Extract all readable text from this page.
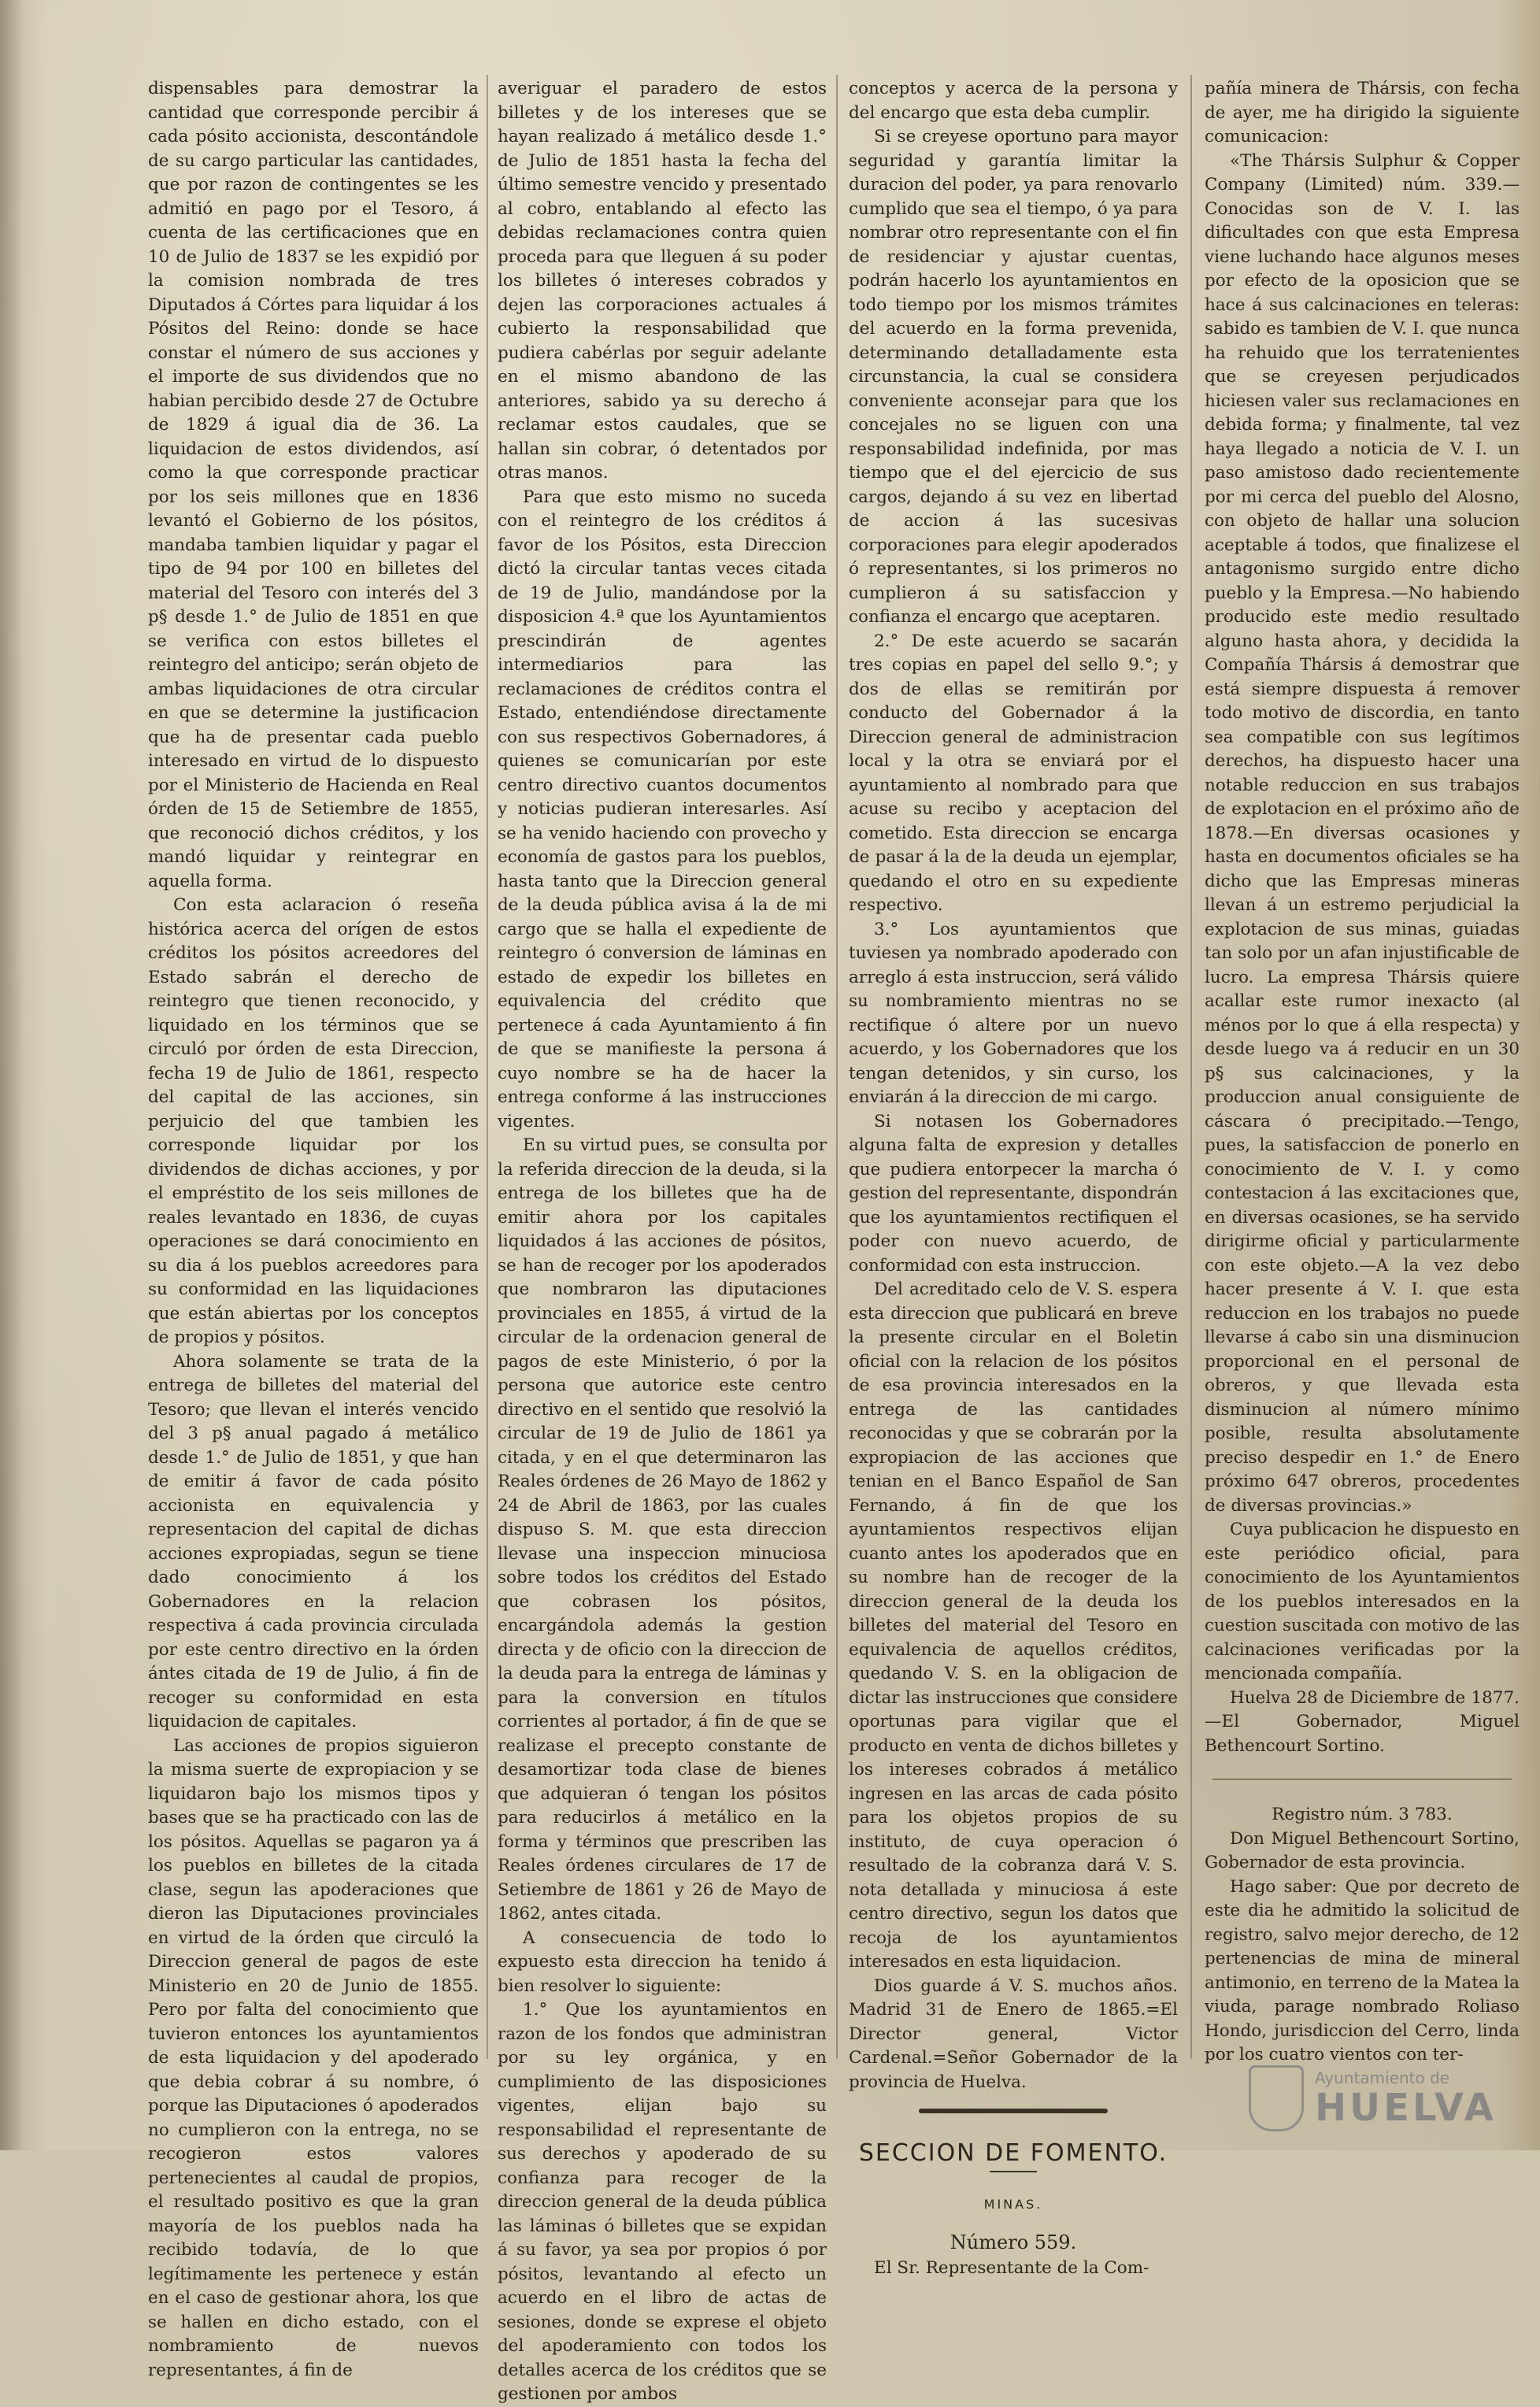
dispensables para demostrar la cantidad que corresponde percibir á cada pósito accionista, descontándole de su cargo particular las cantidades, que por razon de contingentes se les admitió en pago por el Tesoro, á cuenta de las certificaciones que en 10 de Julio de 1837 se les expidió por la comision nombrada de tres Diputados á Córtes para liquidar á los Pósitos del Reino: donde se hace constar el número de sus acciones y el importe de sus dividendos que no habian percibido desde 27 de Octubre de 1829 á igual dia de 36. La liquidacion de estos dividendos, así como la que corresponde practicar por los seis millones que en 1836 levantó el Gobierno de los pósitos, mandaba tambien liquidar y pagar el tipo de 94 por 100 en billetes del material del Tesoro con interés del 3 p§ desde 1.° de Julio de 1851 en que se verifica con estos billetes el reintegro del anticipo; serán objeto de ambas liquidaciones de otra circular en que se determine la justificacion que ha de presentar cada pueblo interesado en virtud de lo dispuesto por el Ministerio de Hacienda en Real órden de 15 de Setiembre de 1855, que reconoció dichos créditos, y los mandó liquidar y reintegrar en aquella forma.

Con esta aclaracion ó reseña histórica acerca del orígen de estos créditos los pósitos acreedores del Estado sabrán el derecho de reintegro que tienen reconocido, y liquidado en los términos que se circuló por órden de esta Direccion, fecha 19 de Julio de 1861, respecto del capital de las acciones, sin perjuicio del que tambien les corresponde liquidar por los dividendos de dichas acciones, y por el empréstito de los seis millones de reales levantado en 1836, de cuyas operaciones se dará conocimiento en su dia á los pueblos acreedores para su conformidad en las liquidaciones que están abiertas por los conceptos de propios y pósitos.

Ahora solamente se trata de la entrega de billetes del material del Tesoro; que llevan el interés vencido del 3 p§ anual pagado á metálico desde 1.° de Julio de 1851, y que han de emitir á favor de cada pósito accionista en equivalencia y representacion del capital de dichas acciones expropiadas, segun se tiene dado conocimiento á los Gobernadores en la relacion respectiva á cada provincia circulada por este centro directivo en la órden ántes citada de 19 de Julio, á fin de recoger su conformidad en esta liquidacion de capitales.

Las acciones de propios siguieron la misma suerte de expropiacion y se liquidaron bajo los mismos tipos y bases que se ha practicado con las de los pósitos. Aquellas se pagaron ya á los pueblos en billetes de la citada clase, segun las apoderaciones que dieron las Diputaciones provinciales en virtud de la órden que circuló la Direccion general de pagos de este Ministerio en 20 de Junio de 1855. Pero por falta del conocimiento que tuvieron entonces los ayuntamientos de esta liquidacion y del apoderado que debia cobrar á su nombre, ó porque las Diputaciones ó apoderados no cumplieron con la entrega, no se recogieron estos valores pertenecientes al caudal de propios, el resultado positivo es que la gran mayoría de los pueblos nada ha recibido todavía, de lo que legítimamente les pertenece y están en el caso de gestionar ahora, los que se hallen en dicho estado, con el nombramiento de nuevos representantes, á fin de

averiguar el paradero de estos billetes y de los intereses que se hayan realizado á metálico desde 1.° de Julio de 1851 hasta la fecha del último semestre vencido y presentado al cobro, entablando al efecto las debidas reclamaciones contra quien proceda para que lleguen á su poder los billetes ó intereses cobrados y dejen las corporaciones actuales á cubierto la responsabilidad que pudiera cabérlas por seguir adelante en el mismo abandono de las anteriores, sabido ya su derecho á reclamar estos caudales, que se hallan sin cobrar, ó detentados por otras manos.

Para que esto mismo no suceda con el reintegro de los créditos á favor de los Pósitos, esta Direccion dictó la circular tantas veces citada de 19 de Julio, mandándose por la disposicion 4.ª que los Ayuntamientos prescindirán de agentes intermediarios para las reclamaciones de créditos contra el Estado, entendiéndose directamente con sus respectivos Gobernadores, á quienes se comunicarían por este centro directivo cuantos documentos y noticias pudieran interesarles. Así se ha venido haciendo con provecho y economía de gastos para los pueblos, hasta tanto que la Direccion general de la deuda pública avisa á la de mi cargo que se halla el expediente de reintegro ó conversion de láminas en estado de expedir los billetes en equivalencia del crédito que pertenece á cada Ayuntamiento á fin de que se manifieste la persona á cuyo nombre se ha de hacer la entrega conforme á las instrucciones vigentes.

En su virtud pues, se consulta por la referida direccion de la deuda, si la entrega de los billetes que ha de emitir ahora por los capitales liquidados á las acciones de pósitos, se han de recoger por los apoderados que nombraron las diputaciones provinciales en 1855, á virtud de la circular de la ordenacion general de pagos de este Ministerio, ó por la persona que autorice este centro directivo en el sentido que resolvió la circular de 19 de Julio de 1861 ya citada, y en el que determinaron las Reales órdenes de 26 Mayo de 1862 y 24 de Abril de 1863, por las cuales dispuso S. M. que esta direccion llevase una inspeccion minuciosa sobre todos los créditos del Estado que cobrasen los pósitos, encargándola además la gestion directa y de oficio con la direccion de la deuda para la entrega de láminas y para la conversion en títulos corrientes al portador, á fin de que se realizase el precepto constante de desamortizar toda clase de bienes que adquieran ó tengan los pósitos para reducirlos á metálico en la forma y términos que prescriben las Reales órdenes circulares de 17 de Setiembre de 1861 y 26 de Mayo de 1862, antes citada.

A consecuencia de todo lo expuesto esta direccion ha tenido á bien resolver lo siguiente:

1.° Que los ayuntamientos en razon de los fondos que administran por su ley orgánica, y en cumplimiento de las disposiciones vigentes, elijan bajo su responsabilidad el representante de sus derechos y apoderado de su confianza para recoger de la direccion general de la deuda pública las láminas ó billetes que se expidan á su favor, ya sea por propios ó por pósitos, levantando al efecto un acuerdo en el libro de actas de sesiones, donde se exprese el objeto del apoderamiento con todos los detalles acerca de los créditos que se gestionen por ambos

conceptos y acerca de la persona y del encargo que esta deba cumplir.

Si se creyese oportuno para mayor seguridad y garantía limitar la duracion del poder, ya para renovarlo cumplido que sea el tiempo, ó ya para nombrar otro representante con el fin de residenciar y ajustar cuentas, podrán hacerlo los ayuntamientos en todo tiempo por los mismos trámites del acuerdo en la forma prevenida, determinando detalladamente esta circunstancia, la cual se considera conveniente aconsejar para que los concejales no se liguen con una responsabilidad indefinida, por mas tiempo que el del ejercicio de sus cargos, dejando á su vez en libertad de accion á las sucesivas corporaciones para elegir apoderados ó representantes, si los primeros no cumplieron á su satisfaccion y confianza el encargo que aceptaren.

2.° De este acuerdo se sacarán tres copias en papel del sello 9.°; y dos de ellas se remitirán por conducto del Gobernador á la Direccion general de administracion local y la otra se enviará por el ayuntamiento al nombrado para que acuse su recibo y aceptacion del cometido. Esta direccion se encarga de pasar á la de la deuda un ejemplar, quedando el otro en su expediente respectivo.

3.° Los ayuntamientos que tuviesen ya nombrado apoderado con arreglo á esta instruccion, será válido su nombramiento mientras no se rectifique ó altere por un nuevo acuerdo, y los Gobernadores que los tengan detenidos, y sin curso, los enviarán á la direccion de mi cargo.

Si notasen los Gobernadores alguna falta de expresion y detalles que pudiera entorpecer la marcha ó gestion del representante, dispondrán que los ayuntamientos rectifiquen el poder con nuevo acuerdo, de conformidad con esta instruccion.

Del acreditado celo de V. S. espera esta direccion que publicará en breve la presente circular en el Boletin oficial con la relacion de los pósitos de esa provincia interesados en la entrega de las cantidades reconocidas y que se cobrarán por la expropiacion de las acciones que tenian en el Banco Español de San Fernando, á fin de que los ayuntamientos respectivos elijan cuanto antes los apoderados que en su nombre han de recoger de la direccion general de la deuda los billetes del material del Tesoro en equivalencia de aquellos créditos, quedando V. S. en la obligacion de dictar las instrucciones que considere oportunas para vigilar que el producto en venta de dichos billetes y los intereses cobrados á metálico ingresen en las arcas de cada pósito para los objetos propios de su instituto, de cuya operacion ó resultado de la cobranza dará V. S. nota detallada y minuciosa á este centro directivo, segun los datos que recoja de los ayuntamientos interesados en esta liquidacion.

Dios guarde á V. S. muchos años. Madrid 31 de Enero de 1865.=El Director general, Victor Cardenal.=Señor Gobernador de la provincia de Huelva.

SECCION DE FOMENTO.

MINAS.

Número 559.

El Sr. Representante de la Com-

pañía minera de Thársis, con fecha de ayer, me ha dirigido la siguiente comunicacion:

«The Thársis Sulphur & Copper Company (Limited) núm. 339.—Conocidas son de V. I. las dificultades con que esta Empresa viene luchando hace algunos meses por efecto de la oposicion que se hace á sus calcinaciones en teleras: sabido es tambien de V. I. que nunca ha rehuido que los terratenientes que se creyesen perjudicados hiciesen valer sus reclamaciones en debida forma; y finalmente, tal vez haya llegado a noticia de V. I. un paso amistoso dado recientemente por mi cerca del pueblo del Alosno, con objeto de hallar una solucion aceptable á todos, que finalizese el antagonismo surgido entre dicho pueblo y la Empresa.—No habiendo producido este medio resultado alguno hasta ahora, y decidida la Compañía Thársis á demostrar que está siempre dispuesta á remover todo motivo de discordia, en tanto sea compatible con sus legítimos derechos, ha dispuesto hacer una notable reduccion en sus trabajos de explotacion en el próximo año de 1878.—En diversas ocasiones y hasta en documentos oficiales se ha dicho que las Empresas mineras llevan á un estremo perjudicial la explotacion de sus minas, guiadas tan solo por un afan injustificable de lucro. La empresa Thársis quiere acallar este rumor inexacto (al ménos por lo que á ella respecta) y desde luego va á reducir en un 30 p§ sus calcinaciones, y la produccion anual consiguiente de cáscara ó precipitado.—Tengo, pues, la satisfaccion de ponerlo en conocimiento de V. I. y como contestacion á las excitaciones que, en diversas ocasiones, se ha servido dirigirme oficial y particularmente con este objeto.—A la vez debo hacer presente á V. I. que esta reduccion en los trabajos no puede llevarse á cabo sin una disminucion proporcional en el personal de obreros, y que llevada esta disminucion al número mínimo posible, resulta absolutamente preciso despedir en 1.° de Enero próximo 647 obreros, procedentes de diversas provincias.»

Cuya publicacion he dispuesto en este periódico oficial, para conocimiento de los Ayuntamientos de los pueblos interesados en la cuestion suscitada con motivo de las calcinaciones verificadas por la mencionada compañía.

Huelva 28 de Diciembre de 1877.—El Gobernador, Miguel Bethencourt Sortino.

Registro núm. 3 783.

Don Miguel Bethencourt Sortino, Gobernador de esta provincia.

Hago saber: Que por decreto de este dia he admitido la solicitud de registro, salvo mejor derecho, de 12 pertenencias de mina de mineral antimonio, en terreno de la Matea la viuda, parage nombrado Roliaso Hondo, jurisdiccion del Cerro, linda por los cuatro vientos con ter-

Ayuntamiento de
HUELVA
